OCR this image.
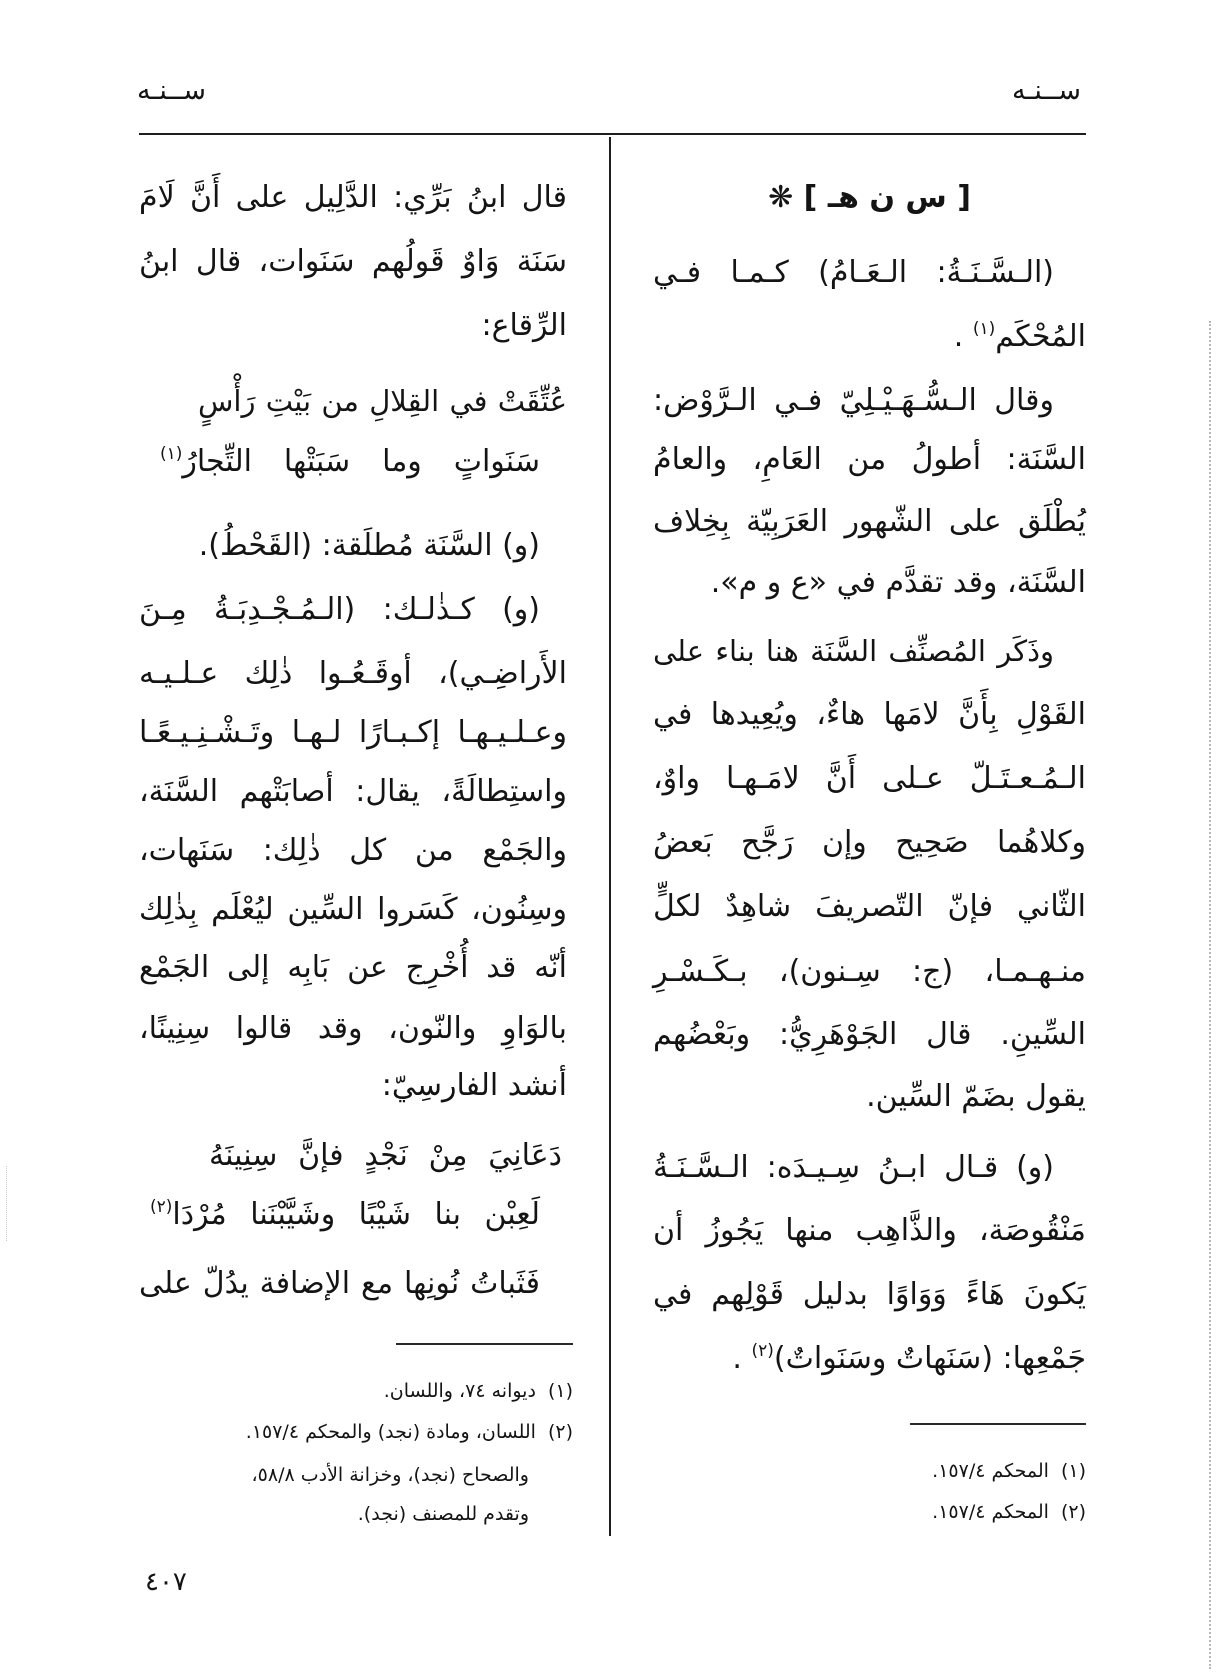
ســنـه
ســنـه
[ س ن هـ ] ❋
(الـسَّـنَـةُ: الـعَـامُ) كـمـا فـي
المُحْكَم$^{(١)}$ .
وقال الـسُّـهَـيْـلِيّ فـي الـرَّوْض:
السَّنَة: أطولُ من العَامِ، والعامُ
يُطْلَق على الشّهور العَرَبِيّة بِخِلاف
السَّنَة، وقد تقدَّم في «ع و م».
وذَكَر المُصنِّف السَّنَة هنا بناء على
القَوْلِ بِأَنَّ لامَها هاءٌ، ويُعِيدها في
الـمُـعـتَـلّ عـلى أَنَّ لامَـهـا واوٌ،
وكلاهُما صَحِيح وإن رَجَّح بَعضُ
الثّاني فإنّ التّصريفَ شاهِدٌ لكلٍّ
منـهـمـا، (ج: سِـنون)، بـكَـسْـرِ
السِّينِ. قال الجَوْهَرِيُّ: وبَعْضُهم
يقول بضَمّ السِّين.
(و) قـال ابـنُ سِـيـدَه: الـسَّـنَـةُ
مَنْقُوصَة، والذَّاهِب منها يَجُوزُ أن
يَكونَ هَاءً وَوَاوًا بدليل قَوْلِهم في
جَمْعِها: (سَنَهاتٌ وسَنَواتٌ)$^{(٢)}$ .
(١)المحكم ١٥٧/٤.
(٢)المحكم ١٥٧/٤.
قال ابنُ بَرِّي: الدَّلِيل على أَنَّ لَامَ
سَنَة وَاوٌ قَولُهم سَنَوات، قال ابنُ
الرِّقاع:
عُتِّقَتْ في القِلالِ من بَيْتِ رَأْسٍ
سَنَواتٍ وما سَبَتْها التِّجارُ$^{(١)}$
(و) السَّنَة مُطلَقة: (القَحْطُ).
(و) كـذٰلـك: (الـمُـجْـدِبَـةُ مِـنَ
الأَراضِـي)، أوقَـعُـوا ذٰلِك عـلـيـه
وعـلـيـهـا إكـبـارًا لـهـا وتَـشْـنِـيـعًـا
واستِطالَةً، يقال: أصابَتْهم السَّنَة،
والجَمْع من كل ذٰلِك: سَنَهات،
وسِنُون، كَسَروا السِّين ليُعْلَم بِذٰلِك
أنّه قد أُخْرِج عن بَابِه إلى الجَمْع
بالوَاوِ والنّون، وقد قالوا سِنِينًا،
أنشد الفارسِيّ:
دَعَانِيَ مِنْ نَجْدٍ فإنَّ سِنِينَهُ
لَعِبْن بنا شَيْبًا وشَيَّبْنَنا مُرْدَا$^{(٢)}$
فَثَباتُ نُونِها مع الإضافة يدُلّ على
(١)ديوانه ٧٤، واللسان.
(٢)اللسان، ومادة (نجد) والمحكم ١٥٧/٤.
والصحاح (نجد)، وخزانة الأدب ٥٨/٨،
وتقدم للمصنف (نجد).
٤٠٧
